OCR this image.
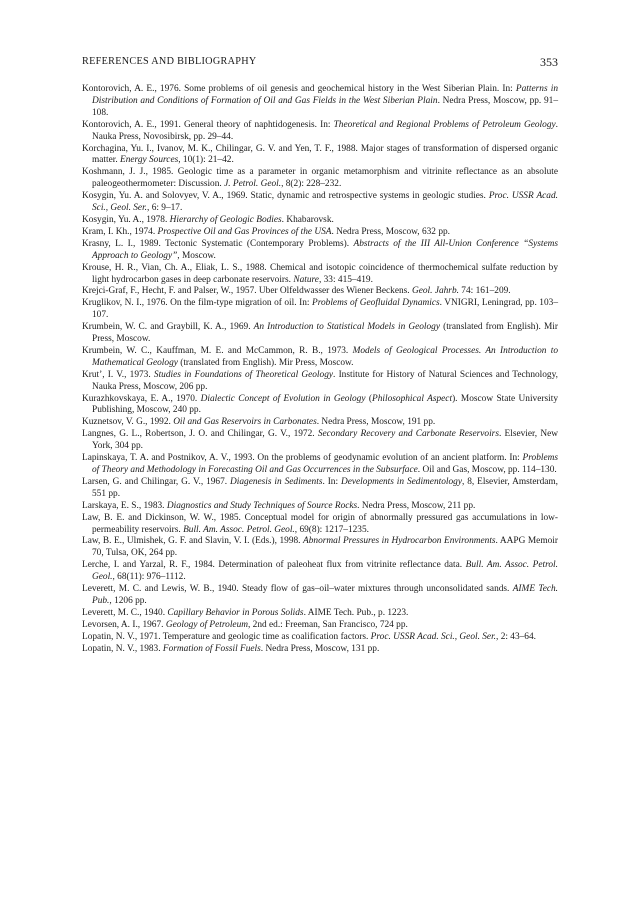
REFERENCES AND BIBLIOGRAPHY	353
Kontorovich, A. E., 1976. Some problems of oil genesis and geochemical history in the West Siberian Plain. In: Patterns in Distribution and Conditions of Formation of Oil and Gas Fields in the West Siberian Plain. Nedra Press, Moscow, pp. 91–108.
Kontorovich, A. E., 1991. General theory of naphtidogenesis. In: Theoretical and Regional Problems of Petroleum Geology. Nauka Press, Novosibirsk, pp. 29–44.
Korchagina, Yu. I., Ivanov, M. K., Chilingar, G. V. and Yen, T. F., 1988. Major stages of transformation of dispersed organic matter. Energy Sources, 10(1): 21–42.
Koshmann, J. J., 1985. Geologic time as a parameter in organic metamorphism and vitrinite reflectance as an absolute paleogeothermometer: Discussion. J. Petrol. Geol., 8(2): 228–232.
Kosygin, Yu. A. and Solovyev, V. A., 1969. Static, dynamic and retrospective systems in geologic studies. Proc. USSR Acad. Sci., Geol. Ser., 6: 9–17.
Kosygin, Yu. A., 1978. Hierarchy of Geologic Bodies. Khabarovsk.
Kram, I. Kh., 1974. Prospective Oil and Gas Provinces of the USA. Nedra Press, Moscow, 632 pp.
Krasny, L. I., 1989. Tectonic Systematic (Contemporary Problems). Abstracts of the III All-Union Conference “Systems Approach to Geology”, Moscow.
Krouse, H. R., Vian, Ch. A., Eliak, L. S., 1988. Chemical and isotopic coincidence of thermochemical sulfate reduction by light hydrocarbon gases in deep carbonate reservoirs. Nature, 33: 415–419.
Krejci-Graf, F., Hecht, F. and Palser, W., 1957. Uber Olfeldwasser des Wiener Beckens. Geol. Jahrb. 74: 161–209.
Kruglikov, N. I., 1976. On the film-type migration of oil. In: Problems of Geofluidal Dynamics. VNIGRI, Leningrad, pp. 103–107.
Krumbein, W. C. and Graybill, K. A., 1969. An Introduction to Statistical Models in Geology (translated from English). Mir Press, Moscow.
Krumbein, W. C., Kauffman, M. E. and McCammon, R. B., 1973. Models of Geological Processes. An Introduction to Mathematical Geology (translated from English). Mir Press, Moscow.
Krut’, I. V., 1973. Studies in Foundations of Theoretical Geology. Institute for History of Natural Sciences and Technology, Nauka Press, Moscow, 206 pp.
Kurazhkovskaya, E. A., 1970. Dialectic Concept of Evolution in Geology (Philosophical Aspect). Moscow State University Publishing, Moscow, 240 pp.
Kuznetsov, V. G., 1992. Oil and Gas Reservoirs in Carbonates. Nedra Press, Moscow, 191 pp.
Langnes, G. L., Robertson, J. O. and Chilingar, G. V., 1972. Secondary Recovery and Carbonate Reservoirs. Elsevier, New York, 304 pp.
Lapinskaya, T. A. and Postnikov, A. V., 1993. On the problems of geodynamic evolution of an ancient platform. In: Problems of Theory and Methodology in Forecasting Oil and Gas Occurrences in the Subsurface. Oil and Gas, Moscow, pp. 114–130.
Larsen, G. and Chilingar, G. V., 1967. Diagenesis in Sediments. In: Developments in Sedimentology, 8, Elsevier, Amsterdam, 551 pp.
Larskaya, E. S., 1983. Diagnostics and Study Techniques of Source Rocks. Nedra Press, Moscow, 211 pp.
Law, B. E. and Dickinson, W. W., 1985. Conceptual model for origin of abnormally pressured gas accumulations in low-permeability reservoirs. Bull. Am. Assoc. Petrol. Geol., 69(8): 1217–1235.
Law, B. E., Ulmishek, G. F. and Slavin, V. I. (Eds.), 1998. Abnormal Pressures in Hydrocarbon Environments. AAPG Memoir 70, Tulsa, OK, 264 pp.
Lerche, I. and Yarzal, R. F., 1984. Determination of paleoheat flux from vitrinite reflectance data. Bull. Am. Assoc. Petrol. Geol., 68(11): 976–1112.
Leverett, M. C. and Lewis, W. B., 1940. Steady flow of gas–oil–water mixtures through unconsolidated sands. AIME Tech. Pub., 1206 pp.
Leverett, M. C., 1940. Capillary Behavior in Porous Solids. AIME Tech. Pub., p. 1223.
Levorsen, A. I., 1967. Geology of Petroleum, 2nd ed.: Freeman, San Francisco, 724 pp.
Lopatin, N. V., 1971. Temperature and geologic time as coalification factors. Proc. USSR Acad. Sci., Geol. Ser., 2: 43–64.
Lopatin, N. V., 1983. Formation of Fossil Fuels. Nedra Press, Moscow, 131 pp.
